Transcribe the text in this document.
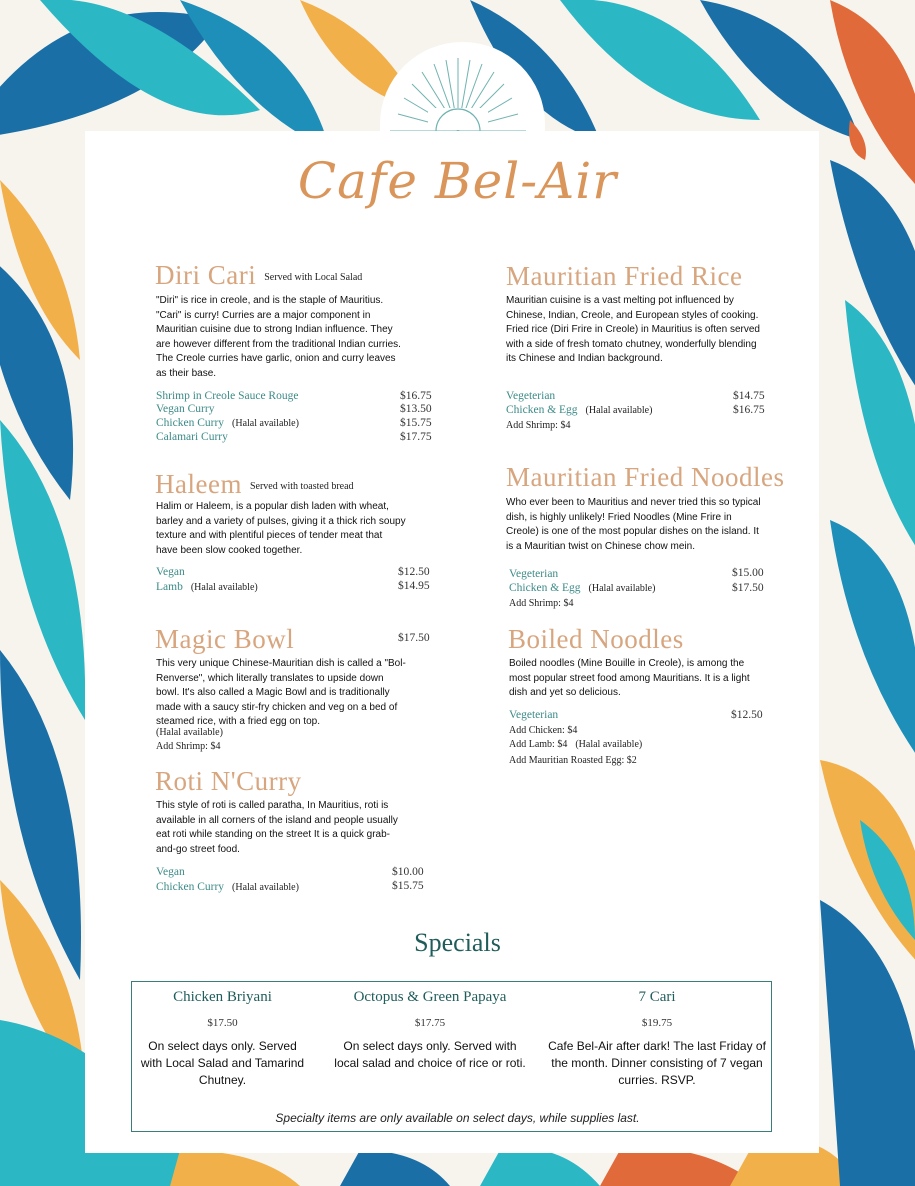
Cafe Bel-Air
Diri Cari Served with Local Salad
"Diri" is rice in creole, and is the staple of Mauritius. "Cari" is curry! Curries are a major component in Mauritian cuisine due to strong Indian influence. They are however different from the traditional Indian curries. The Creole curries have garlic, onion and curry leaves as their base.
Shrimp in Creole Sauce Rouge	$16.75
Vegan Curry	$13.50
Chicken Curry (Halal available)	$15.75
Calamari Curry	$17.75
Haleem Served with toasted bread
Halim or Haleem, is a popular dish laden with wheat, barley and a variety of pulses, giving it a thick rich soupy texture and with plentiful pieces of tender meat that have been slow cooked together.
Vegan	$12.50
Lamb (Halal available)	$14.95
Magic Bowl	$17.50
This very unique Chinese-Mauritian dish is called a "Bol-Renverse", which literally translates to upside down bowl. It's also called a Magic Bowl and is traditionally made with a saucy stir-fry chicken and veg on a bed of steamed rice, with a fried egg on top.
(Halal available)
Add Shrimp: $4
Roti N'Curry
This style of roti is called paratha, In Mauritius, roti is available in all corners of the island and people usually eat roti while standing on the street It is a quick grab-and-go street food.
Vegan	$10.00
Chicken Curry (Halal available)	$15.75
Mauritian Fried Rice
Mauritian cuisine is a vast melting pot influenced by Chinese, Indian, Creole, and European styles of cooking. Fried rice (Diri Frire in Creole) in Mauritius is often served with a side of fresh tomato chutney, wonderfully blending its Chinese and Indian background.
Vegeterian	$14.75
Chicken & Egg (Halal available)	$16.75
Add Shrimp: $4
Mauritian Fried Noodles
Who ever been to Mauritius and never tried this so typical dish, is highly unlikely! Fried Noodles (Mine Frire in Creole) is one of the most popular dishes on the island. It is a Mauritian twist on Chinese chow mein.
Vegeterian	$15.00
Chicken & Egg (Halal available)	$17.50
Add Shrimp: $4
Boiled Noodles
Boiled noodles (Mine Bouille in Creole), is among the most popular street food among Mauritians. It is a light dish and yet so delicious.
Vegeterian	$12.50
Add Chicken: $4
Add Lamb: $4 (Halal available)
Add Mauritian Roasted Egg: $2
Specials
Chicken Briyani
$17.50
On select days only. Served with Local Salad and Tamarind Chutney.
Octopus & Green Papaya
$17.75
On select days only. Served with local salad and choice of rice or roti.
7 Cari
$19.75
Cafe Bel-Air after dark! The last Friday of the month. Dinner consisting of 7 vegan curries. RSVP.
Specialty items are only available on select days, while supplies last.
